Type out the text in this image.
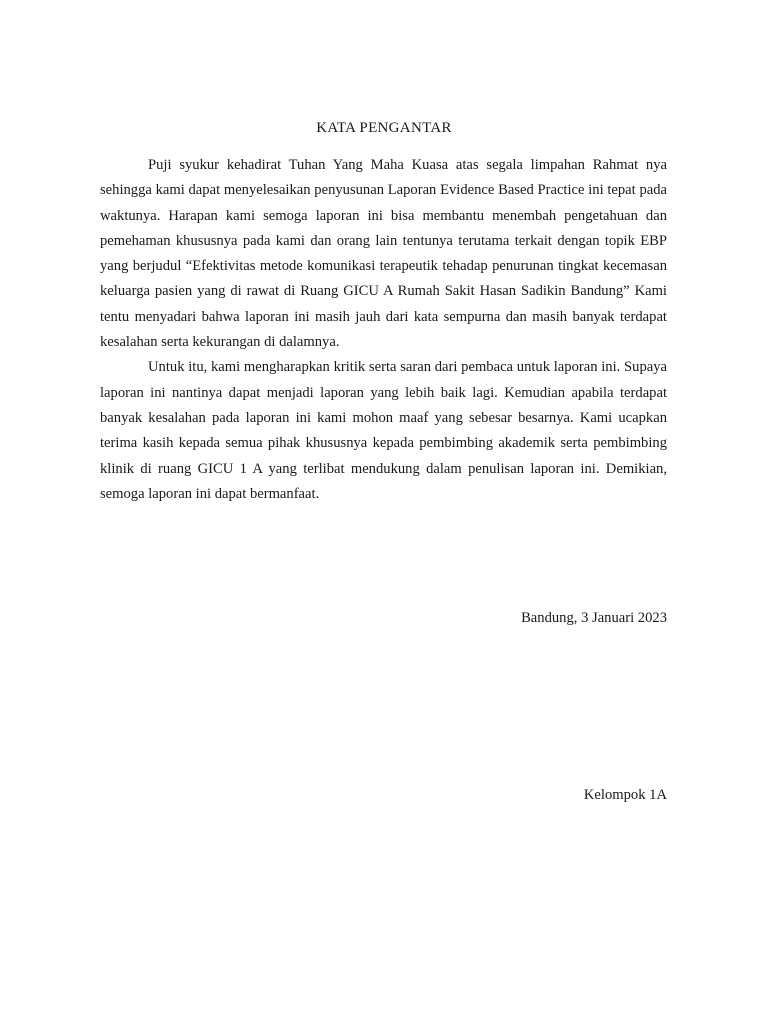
KATA PENGANTAR

Puji syukur kehadirat Tuhan Yang Maha Kuasa atas segala limpahan Rahmat nya sehingga kami dapat menyelesaikan penyusunan Laporan Evidence Based Practice ini tepat pada waktunya. Harapan kami semoga laporan ini bisa membantu menembah pengetahuan dan pemehaman khususnya pada kami dan orang lain tentunya terutama terkait dengan topik EBP yang berjudul “Efektivitas metode komunikasi terapeutik tehadap penurunan tingkat kecemasan keluarga pasien yang di rawat di Ruang GICU A Rumah Sakit Hasan Sadikin Bandung” Kami tentu menyadari bahwa laporan ini masih jauh dari kata sempurna dan masih banyak terdapat kesalahan serta kekurangan di dalamnya.

Untuk itu, kami mengharapkan kritik serta saran dari pembaca untuk laporan ini. Supaya laporan ini nantinya dapat menjadi laporan yang lebih baik lagi. Kemudian apabila terdapat banyak kesalahan pada laporan ini kami mohon maaf yang sebesar besarnya. Kami ucapkan terima kasih kepada semua pihak khususnya kepada pembimbing akademik serta pembimbing klinik di ruang GICU 1 A yang terlibat mendukung dalam penulisan laporan ini. Demikian, semoga laporan ini dapat bermanfaat.

Bandung, 3 Januari 2023

Kelompok 1A
